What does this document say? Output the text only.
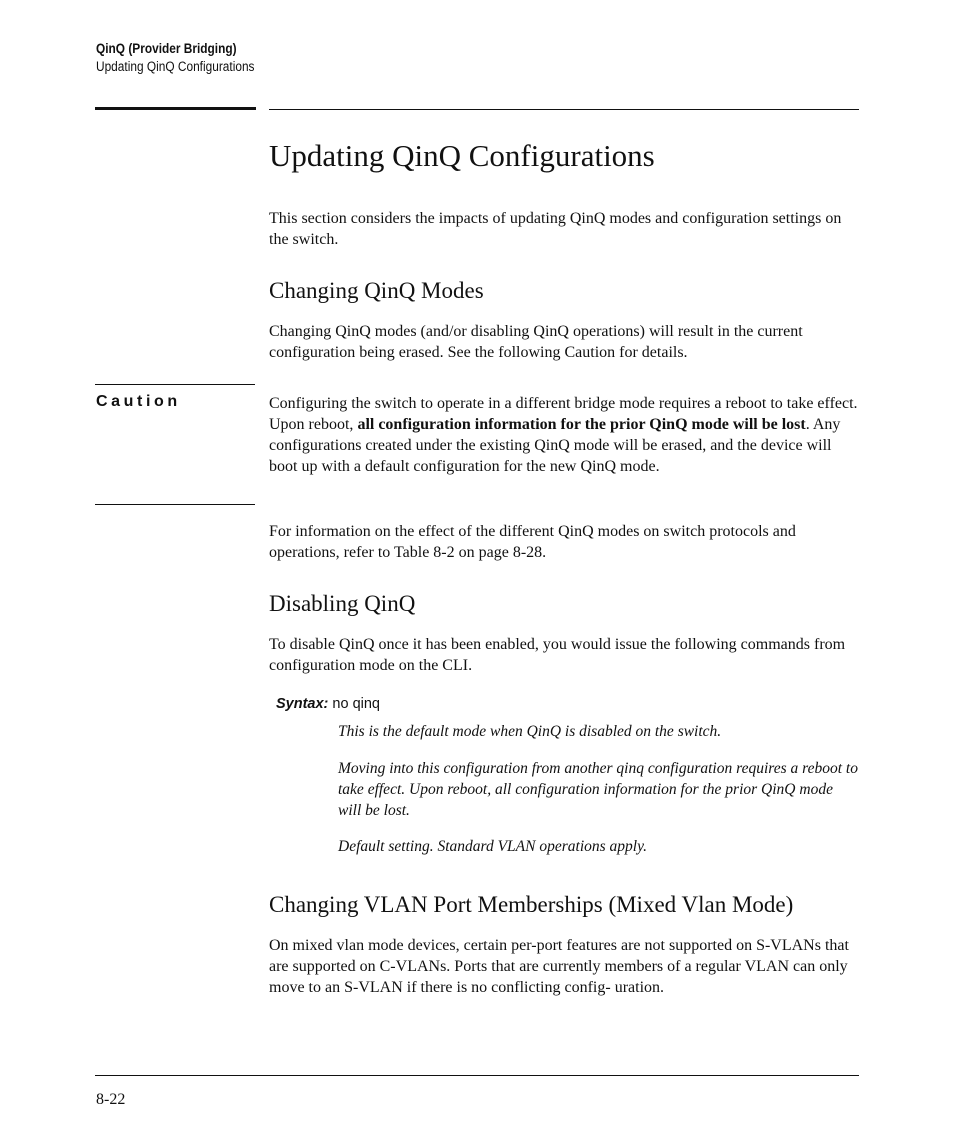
QinQ (Provider Bridging)
Updating QinQ Configurations
Updating QinQ Configurations

This section considers the impacts of updating QinQ modes and configuration settings on the switch.

Changing QinQ Modes

Changing QinQ modes (and/or disabling QinQ operations) will result in the current configuration being erased. See the following Caution for details.

Caution	Configuring the switch to operate in a different bridge mode requires a reboot to take effect. Upon reboot, all configuration information for the prior QinQ mode will be lost. Any configurations created under the existing QinQ mode will be erased, and the device will boot up with a default configuration for the new QinQ mode.

For information on the effect of the different QinQ modes on switch protocols and operations, refer to Table 8-2 on page 8-28.

Disabling QinQ

To disable QinQ once it has been enabled, you would issue the following commands from configuration mode on the CLI.

Syntax: no qinq

This is the default mode when QinQ is disabled on the switch.

Moving into this configuration from another qinq configuration requires a reboot to take effect. Upon reboot, all configuration information for the prior QinQ mode will be lost.

Default setting. Standard VLAN operations apply.

Changing VLAN Port Memberships (Mixed Vlan Mode)

On mixed vlan mode devices, certain per-port features are not supported on S-VLANs that are supported on C-VLANs. Ports that are currently members of a regular VLAN can only move to an S-VLAN if there is no conflicting config- uration.

8-22
